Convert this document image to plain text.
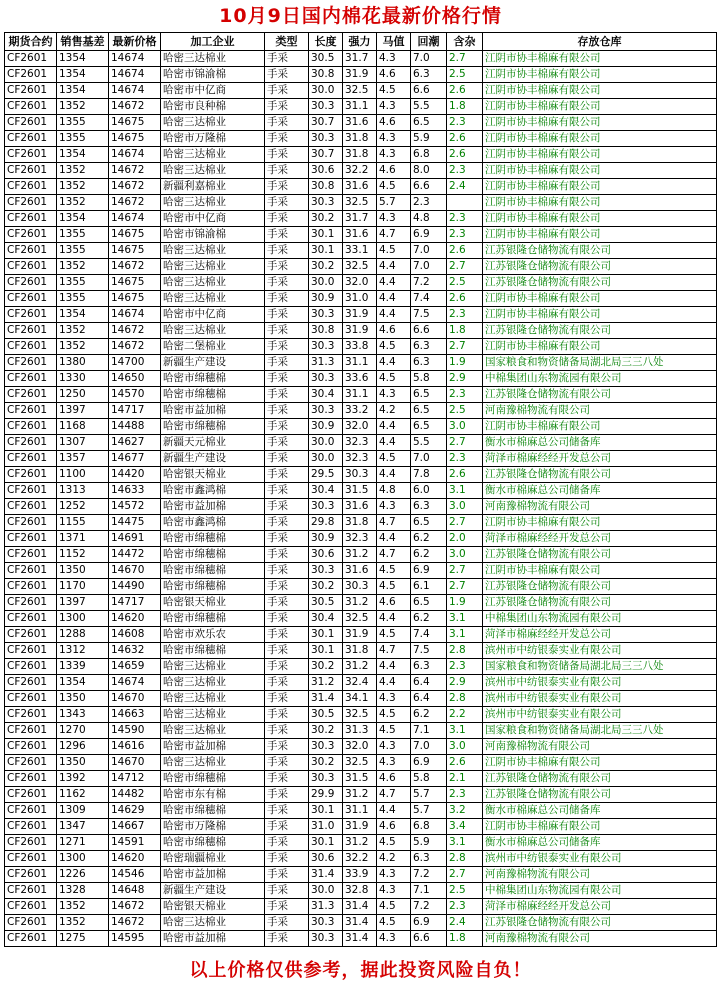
10月9日国内棉花最新价格行情
期货合约	销售基差	最新价格	加工企业	类型	长度	强力	马值	回潮	含杂	存放仓库
CF2601	1354	14674	哈密三达棉业	手采	30.5	31.7	4.3	7.0	2.7	江阴市协丰棉麻有限公司
CF2601	1354	14674	哈密市锦渝棉	手采	30.8	31.9	4.6	6.3	2.5	江阴市协丰棉麻有限公司
CF2601	1354	14674	哈密市中亿商	手采	30.0	32.5	4.5	6.6	2.6	江阴市协丰棉麻有限公司
CF2601	1352	14672	哈密市良种棉	手采	30.3	31.1	4.3	5.5	1.8	江阴市协丰棉麻有限公司
CF2601	1355	14675	哈密三达棉业	手采	30.7	31.6	4.6	6.5	2.3	江阴市协丰棉麻有限公司
CF2601	1355	14675	哈密市万隆棉	手采	30.3	31.8	4.3	5.9	2.6	江阴市协丰棉麻有限公司
CF2601	1354	14674	哈密三达棉业	手采	30.7	31.8	4.3	6.8	2.6	江阴市协丰棉麻有限公司
CF2601	1352	14672	哈密三达棉业	手采	30.6	32.2	4.6	8.0	2.3	江阴市协丰棉麻有限公司
CF2601	1352	14672	新疆利嘉棉业	手采	30.8	31.6	4.5	6.6	2.4	江阴市协丰棉麻有限公司
CF2601	1352	14672	哈密三达棉业	手采	30.3	32.5	5.7	2.3		江阴市协丰棉麻有限公司
CF2601	1354	14674	哈密市中亿商	手采	30.2	31.7	4.3	4.8	2.3	江阴市协丰棉麻有限公司
CF2601	1355	14675	哈密市锦渝棉	手采	30.1	31.6	4.7	6.9	2.3	江阴市协丰棉麻有限公司
CF2601	1355	14675	哈密三达棉业	手采	30.1	33.1	4.5	7.0	2.6	江苏银隆仓储物流有限公司
CF2601	1352	14672	哈密三达棉业	手采	30.2	32.5	4.4	7.0	2.7	江苏银隆仓储物流有限公司
CF2601	1355	14675	哈密三达棉业	手采	30.0	32.0	4.4	7.2	2.5	江苏银隆仓储物流有限公司
CF2601	1355	14675	哈密三达棉业	手采	30.9	31.0	4.4	7.4	2.6	江阴市协丰棉麻有限公司
CF2601	1354	14674	哈密市中亿商	手采	30.3	31.9	4.4	7.5	2.3	江阴市协丰棉麻有限公司
CF2601	1352	14672	哈密三达棉业	手采	30.8	31.9	4.6	6.6	1.8	江苏银隆仓储物流有限公司
CF2601	1352	14672	哈密二堡棉业	手采	30.3	33.8	4.5	6.3	2.7	江阴市协丰棉麻有限公司
CF2601	1380	14700	新疆生产建设	手采	31.3	31.1	4.4	6.3	1.9	国家粮食和物资储备局湖北局三三八处
CF2601	1330	14650	哈密市绵穗棉	手采	30.3	33.6	4.5	5.8	2.9	中棉集团山东物流园有限公司
CF2601	1250	14570	哈密市绵穗棉	手采	30.4	31.1	4.3	6.5	2.3	江苏银隆仓储物流有限公司
CF2601	1397	14717	哈密市益加棉	手采	30.3	33.2	4.2	6.5	2.5	河南豫棉物流有限公司
CF2601	1168	14488	哈密市绵穗棉	手采	30.9	32.0	4.4	6.5	3.0	江阴市协丰棉麻有限公司
CF2601	1307	14627	新疆天元棉业	手采	30.0	32.3	4.4	5.5	2.7	衡水市棉麻总公司储备库
CF2601	1357	14677	新疆生产建设	手采	30.0	32.3	4.5	7.0	2.3	菏泽市棉麻经经开发总公司
CF2601	1100	14420	哈密银天棉业	手采	29.5	30.3	4.4	7.8	2.6	江苏银隆仓储物流有限公司
CF2601	1313	14633	哈密市鑫鸿棉	手采	30.4	31.5	4.8	6.0	3.1	衡水市棉麻总公司储备库
CF2601	1252	14572	哈密市益加棉	手采	30.3	31.6	4.3	6.3	3.0	河南豫棉物流有限公司
CF2601	1155	14475	哈密市鑫鸿棉	手采	29.8	31.8	4.7	6.5	2.7	江阴市协丰棉麻有限公司
CF2601	1371	14691	哈密市绵穗棉	手采	30.9	32.3	4.4	6.2	2.0	菏泽市棉麻经经开发总公司
CF2601	1152	14472	哈密市绵穗棉	手采	30.6	31.2	4.7	6.2	3.0	江苏银隆仓储物流有限公司
CF2601	1350	14670	哈密市绵穗棉	手采	30.3	31.6	4.5	6.9	2.7	江阴市协丰棉麻有限公司
CF2601	1170	14490	哈密市绵穗棉	手采	30.2	30.3	4.5	6.1	2.7	江苏银隆仓储物流有限公司
CF2601	1397	14717	哈密银天棉业	手采	30.5	31.2	4.6	6.5	1.9	江苏银隆仓储物流有限公司
CF2601	1300	14620	哈密市绵穗棉	手采	30.4	32.5	4.4	6.2	3.1	中棉集团山东物流园有限公司
CF2601	1288	14608	哈密市欢乐农	手采	30.1	31.9	4.5	7.4	3.1	菏泽市棉麻经经开发总公司
CF2601	1312	14632	哈密市绵穗棉	手采	30.1	31.8	4.7	7.5	2.8	滨州市中纺银泰实业有限公司
CF2601	1339	14659	哈密三达棉业	手采	30.2	31.2	4.4	6.3	2.3	国家粮食和物资储备局湖北局三三八处
CF2601	1354	14674	哈密三达棉业	手采	31.2	32.4	4.4	6.4	2.9	滨州市中纺银泰实业有限公司
CF2601	1350	14670	哈密三达棉业	手采	31.4	34.1	4.3	6.4	2.8	滨州市中纺银泰实业有限公司
CF2601	1343	14663	哈密三达棉业	手采	30.5	32.5	4.5	6.2	2.2	滨州市中纺银泰实业有限公司
CF2601	1270	14590	哈密三达棉业	手采	30.2	31.3	4.5	7.1	3.1	国家粮食和物资储备局湖北局三三八处
CF2601	1296	14616	哈密市益加棉	手采	30.3	32.0	4.3	7.0	3.0	河南豫棉物流有限公司
CF2601	1350	14670	哈密三达棉业	手采	30.2	32.5	4.3	6.9	2.6	江阴市协丰棉麻有限公司
CF2601	1392	14712	哈密市绵穗棉	手采	30.3	31.5	4.6	5.8	2.1	江苏银隆仓储物流有限公司
CF2601	1162	14482	哈密市东有棉	手采	29.9	31.2	4.7	5.7	2.3	江苏银隆仓储物流有限公司
CF2601	1309	14629	哈密市绵穗棉	手采	30.1	31.1	4.4	5.7	3.2	衡水市棉麻总公司储备库
CF2601	1347	14667	哈密市万隆棉	手采	31.0	31.9	4.6	6.8	3.4	江阴市协丰棉麻有限公司
CF2601	1271	14591	哈密市绵穗棉	手采	30.1	31.2	4.5	5.9	3.1	衡水市棉麻总公司储备库
CF2601	1300	14620	哈密瑞疆棉业	手采	30.6	32.2	4.2	6.3	2.8	滨州市中纺银泰实业有限公司
CF2601	1226	14546	哈密市益加棉	手采	31.4	33.9	4.3	7.2	2.7	河南豫棉物流有限公司
CF2601	1328	14648	新疆生产建设	手采	30.0	32.8	4.3	7.1	2.5	中棉集团山东物流园有限公司
CF2601	1352	14672	哈密银天棉业	手采	31.3	31.4	4.5	7.2	2.3	菏泽市棉麻经经开发总公司
CF2601	1352	14672	哈密三达棉业	手采	30.3	31.4	4.5	6.9	2.4	江苏银隆仓储物流有限公司
CF2601	1275	14595	哈密市益加棉	手采	30.3	31.4	4.3	6.6	1.8	河南豫棉物流有限公司
以上价格仅供参考，据此投资风险自负！
